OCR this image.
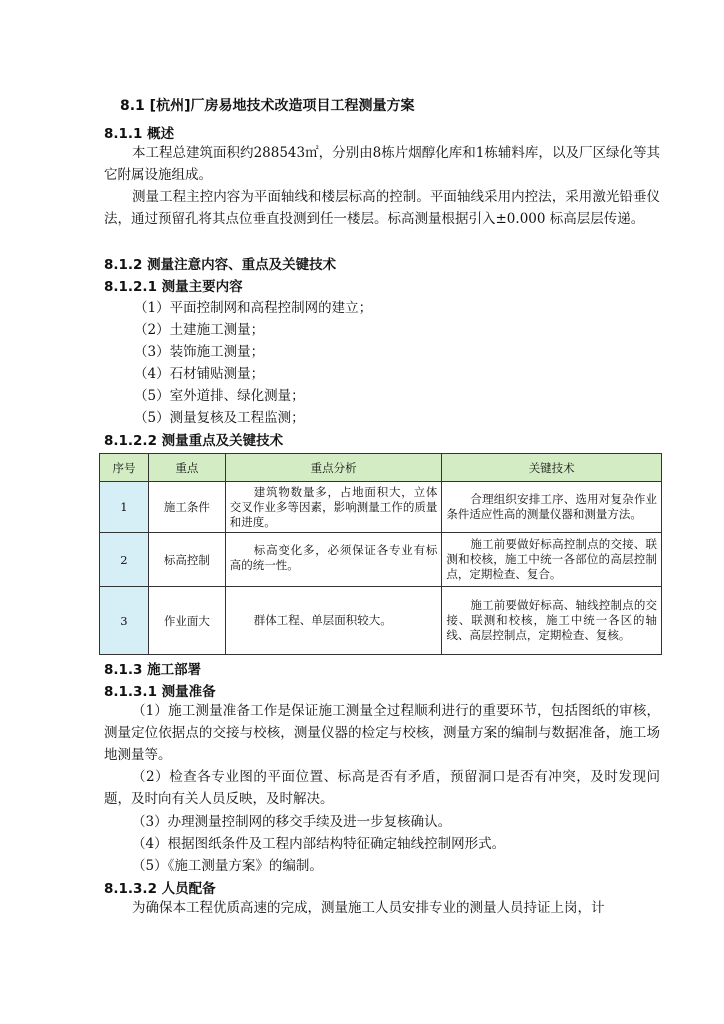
8.1 [杭州]厂房易地技术改造项目工程测量方案
8.1.1 概述
本工程总建筑面积约288543㎡，分别由8栋片烟醇化库和1栋辅料库，以及厂区绿化等其它附属设施组成。
测量工程主控内容为平面轴线和楼层标高的控制。平面轴线采用内控法，采用激光铅垂仪法，通过预留孔将其点位垂直投测到任一楼层。标高测量根据引入±0.000 标高层层传递。
8.1.2 测量注意内容、重点及关键技术
8.1.2.1 测量主要内容
（1）平面控制网和高程控制网的建立；
（2）土建施工测量；
（3）装饰施工测量；
（4）石材铺贴测量；
（5）室外道排、绿化测量；
（5）测量复核及工程监测；
8.1.2.2 测量重点及关键技术
序号	重点	重点分析	关键技术
1	施工条件	建筑物数量多，占地面积大，立体交叉作业多等因素，影响测量工作的质量和进度。	合理组织安排工序、选用对复杂作业条件适应性高的测量仪器和测量方法。
2	标高控制	标高变化多，必须保证各专业有标高的统一性。	施工前要做好标高控制点的交接、联测和校核，施工中统一各部位的高层控制点，定期检查、复合。
3	作业面大	群体工程、单层面积较大。	施工前要做好标高、轴线控制点的交接、联测和校核，施工中统一各区的轴线、高层控制点，定期检查、复核。
8.1.3 施工部署
8.1.3.1 测量准备
（1）施工测量准备工作是保证施工测量全过程顺利进行的重要环节，包括图纸的审核，测量定位依据点的交接与校核，测量仪器的检定与校核，测量方案的编制与数据准备，施工场地测量等。
（2）检查各专业图的平面位置、标高是否有矛盾，预留洞口是否有冲突，及时发现问题，及时向有关人员反映，及时解决。
（3）办理测量控制网的移交手续及进一步复核确认。
（4）根据图纸条件及工程内部结构特征确定轴线控制网形式。
（5）《施工测量方案》的编制。
8.1.3.2 人员配备
为确保本工程优质高速的完成，测量施工人员安排专业的测量人员持证上岗，计
